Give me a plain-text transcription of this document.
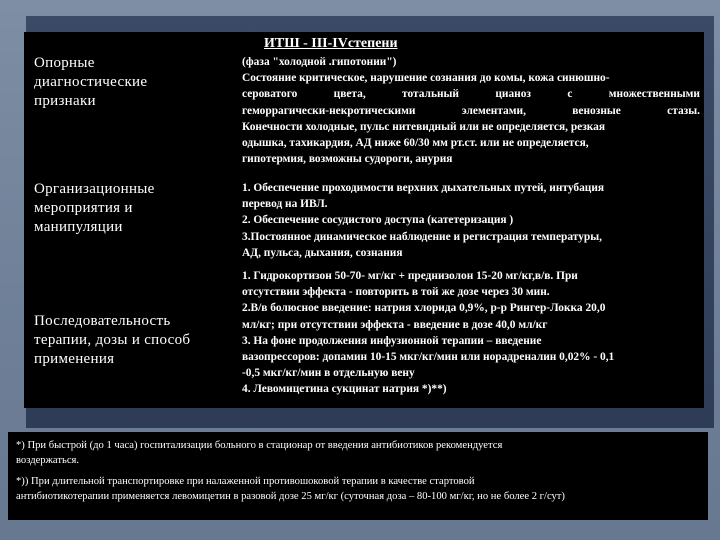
ИТШ - III-IVстепени
Опорные
диагностические
признаки
(фаза "холодной .гипотонии")
Состояние критическое, нарушение сознания до комы, кожа синюшно-
сероватого цвета, тотальный цианоз с множественными
геморрагически-некротическими элементами, венозные стазы.
Конечности холодные, пульс нитевидный или не определяется, резкая
одышка, тахикардия, АД ниже 60/30 мм рт.ст. или не определяется,
гипотермия, возможны судороги, анурия
Организационные
мероприятия и
манипуляции
1. Обеспечение проходимости верхних дыхательных путей, интубация
перевод на ИВЛ.
2. Обеспечение сосудистого доступа (катетеризация )
3.Постоянное динамическое наблюдение и регистрация температуры,
АД, пульса, дыхания, сознания
Последовательность
терапии, дозы и способ
применения
1. Гидрокортизон 50-70- мг/кг + преднизолон 15-20 мг/кг,в/в. При
отсутствии эффекта - повторить в той же дозе через 30 мин.
2.В/в болюсное введение: натрия хлорида 0,9%, р-р Рингер-Локка 20,0
мл/кг; при отсутствии эффекта - введение в дозе 40,0 мл/кг
3. На фоне продолжения инфузионной терапии – введение
вазопрессоров: допамин 10-15 мкг/кг/мин или норадреналин 0,02% - 0,1
-0,5 мкг/кг/мин в отдельную вену
4. Левомицетина сукцинат натрия *)**)
*) При быстрой (до 1 часа) госпитализации больного в стационар от введения антибиотиков рекомендуется
воздержаться.
*)) При длительной транспортировке при налаженной противошоковой терапии в качестве стартовой
антибиотикотерапии применяется левомицетин в разовой дозе 25 мг/кг (суточная доза – 80-100 мг/кг, но не более 2 г/сут)
